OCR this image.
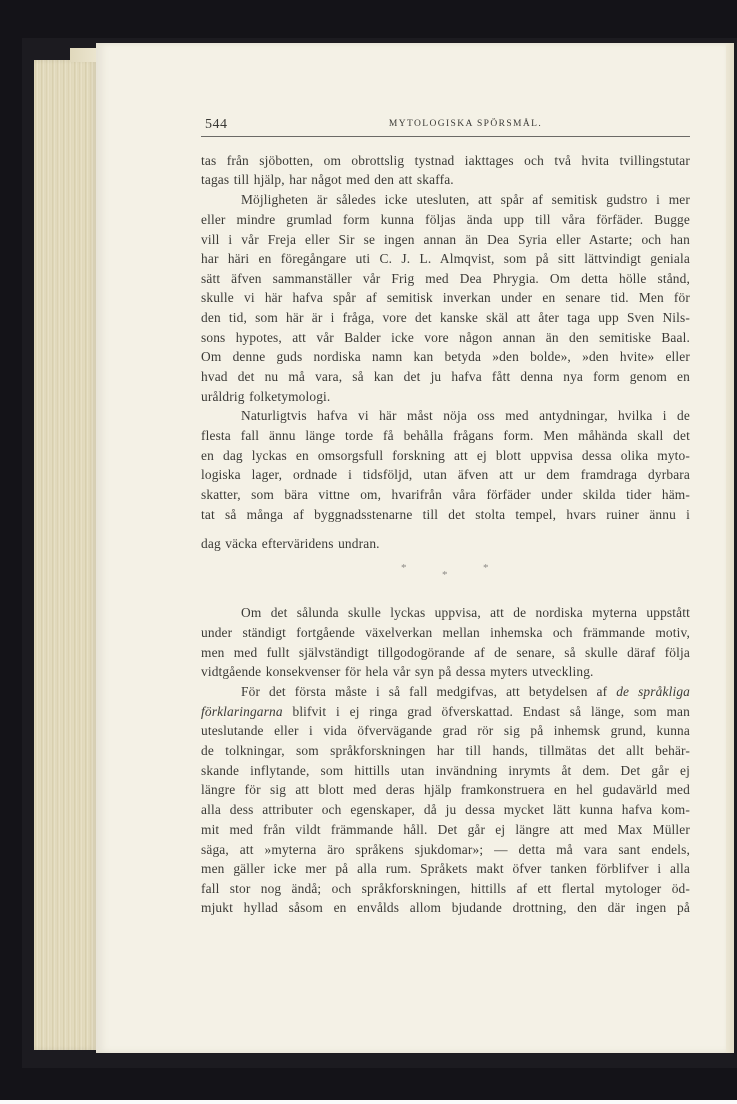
544	MYTOLOGISKA SPÖRSMÅL.
tas från sjöbotten, om obrottslig tystnad iakttages och två hvita tvillingstutar
tagas till hjälp, har något med den att skaffa.
Möjligheten är således icke utesluten, att spår af semitisk gudstro i mer
eller mindre grumlad form kunna följas ända upp till våra förfäder. Bugge
vill i vår Freja eller Sir se ingen annan än Dea Syria eller Astarte; och han
har häri en föregångare uti C. J. L. Almqvist, som på sitt lättvindigt geniala
sätt äfven sammanställer vår Frig med Dea Phrygia. Om detta hölle stånd,
skulle vi här hafva spår af semitisk inverkan under en senare tid. Men för
den tid, som här är i fråga, vore det kanske skäl att åter taga upp Sven Nils-
sons hypotes, att vår Balder icke vore någon annan än den semitiske Baal.
Om denne guds nordiska namn kan betyda »den bolde», »den hvite» eller
hvad det nu må vara, så kan det ju hafva fått denna nya form genom en
uråldrig folketymologi.
Naturligtvis hafva vi här måst nöja oss med antydningar, hvilka i de
flesta fall ännu länge torde få behålla frågans form. Men måhända skall det
en dag lyckas en omsorgsfull forskning att ej blott uppvisa dessa olika myto-
logiska lager, ordnade i tidsföljd, utan äfven att ur dem framdraga dyrbara
skatter, som bära vittne om, hvarifrån våra förfäder under skilda tider häm-
tat så många af byggnadsstenarne till det stolta tempel, hvars ruiner ännu i
dag väcka efterväridens undran.
*
*
*
Om det sålunda skulle lyckas uppvisa, att de nordiska myterna uppstått
under ständigt fortgående växelverkan mellan inhemska och främmande motiv,
men med fullt självständigt tillgodogörande af de senare, så skulle däraf följa
vidtgående konsekvenser för hela vår syn på dessa myters utveckling.
För det första måste i så fall medgifvas, att betydelsen af de språkliga
förklaringarna blifvit i ej ringa grad öfverskattad. Endast så länge, som man
uteslutande eller i vida öfvervägande grad rör sig på inhemsk grund, kunna
de tolkningar, som språkforskningen har till hands, tillmätas det allt behär-
skande inflytande, som hittills utan invändning inrymts åt dem. Det går ej
längre för sig att blott med deras hjälp framkonstruera en hel gudavärld med
alla dess attributer och egenskaper, då ju dessa mycket lätt kunna hafva kom-
mit med från vildt främmande håll. Det går ej längre att med Max Müller
säga, att »myterna äro språkens sjukdomar»; — detta må vara sant endels,
men gäller icke mer på alla rum. Språkets makt öfver tanken förblifver i alla
fall stor nog ändå; och språkforskningen, hittills af ett flertal mytologer öd-
mjukt hyllad såsom en envålds allom bjudande drottning, den där ingen på
